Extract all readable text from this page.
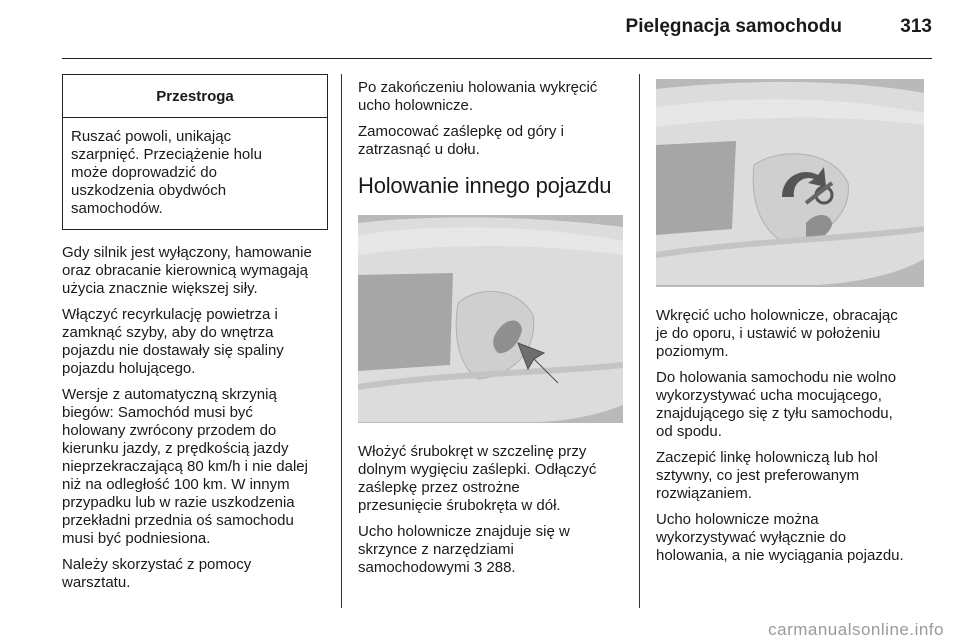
Pielęgnacja samochodu	313
Przestroga
Ruszać powoli, unikając
szarpnięć. Przeciążenie holu
może doprowadzić do
uszkodzenia obydwóch
samochodów.

Gdy silnik jest wyłączony, hamowanie
oraz obracanie kierownicą wymagają
użycia znacznie większej siły.

Włączyć recyrkulację powietrza i
zamknąć szyby, aby do wnętrza
pojazdu nie dostawały się spaliny
pojazdu holującego.

Wersje z automatyczną skrzynią
biegów: Samochód musi być
holowany zwrócony przodem do
kierunku jazdy, z prędkością jazdy
nieprzekraczającą 80 km/h i nie dalej
niż na odległość 100 km. W innym
przypadku lub w razie uszkodzenia
przekładni przednia oś samochodu
musi być podniesiona.

Należy skorzystać z pomocy
warsztatu.

Po zakończeniu holowania wykręcić
ucho holownicze.

Zamocować zaślepkę od góry i
zatrzasnąć u dołu.

Holowanie innego pojazdu

Włożyć śrubokręt w szczelinę przy
dolnym wygięciu zaślepki. Odłączyć
zaślepkę przez ostrożne
przesunięcie śrubokręta w dół.

Ucho holownicze znajduje się w
skrzynce z narzędziami
samochodowymi 3 288.

Wkręcić ucho holownicze, obracając
je do oporu, i ustawić w położeniu
poziomym.

Do holowania samochodu nie wolno
wykorzystywać ucha mocującego,
znajdującego się z tyłu samochodu,
od spodu.

Zaczepić linkę holowniczą lub hol
sztywny, co jest preferowanym
rozwiązaniem.

Ucho holownicze można
wykorzystywać wyłącznie do
holowania, a nie wyciągania pojazdu.

carmanualsonline.info
